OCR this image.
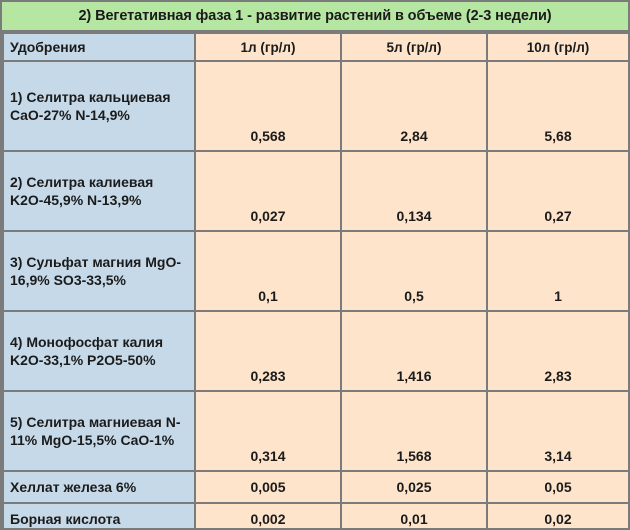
2) Вегетативная фаза 1 - развитие растений в объеме (2-3 недели)
Удобрения	1л (гр/л)	5л (гр/л)	10л (гр/л)
1) Селитра кальциевая CaO-27% N-14,9%	0,568	2,84	5,68
2) Селитра калиевая K2O-45,9% N-13,9%	0,027	0,134	0,27
3) Сульфат магния MgO-16,9% SO3-33,5%	0,1	0,5	1
4) Монофосфат калия K2O-33,1% P2O5-50%	0,283	1,416	2,83
5) Селитра магниевая N-11% MgO-15,5% CaO-1%	0,314	1,568	3,14
Хеллат железа 6%	0,005	0,025	0,05
Борная кислота	0,002	0,01	0,02
